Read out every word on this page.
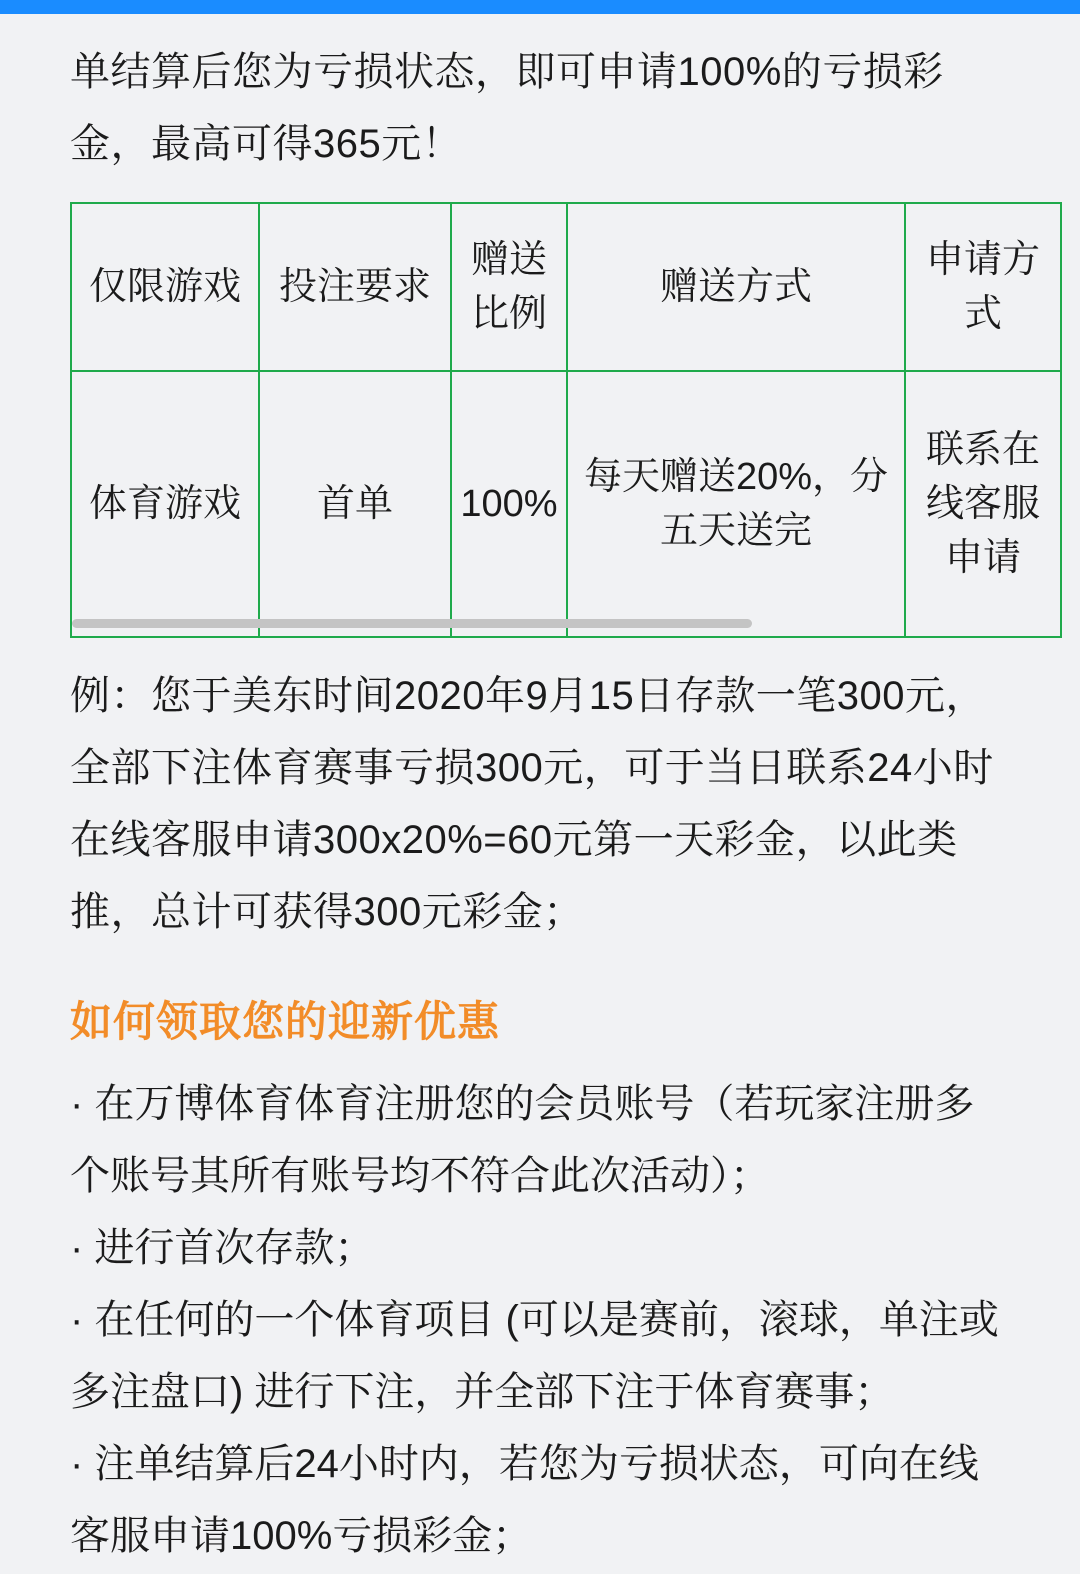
单结算后您为亏损状态，即可申请100%的亏损彩金，最高可得365元！

仅限游戏	投注要求	赠送比例	赠送方式	申请方式
体育游戏	首单	100%	每天赠送20%，分五天送完	联系在线客服申请

例：您于美东时间2020年9月15日存款一笔300元，全部下注体育赛事亏损300元，可于当日联系24小时在线客服申请300x20%=60元第一天彩金，以此类推，总计可获得300元彩金；

如何领取您的迎新优惠

· 在万博体育体育注册您的会员账号（若玩家注册多个账号其所有账号均不符合此次活动）；

· 进行首次存款；

· 在任何的一个体育项目 (可以是赛前，滚球，单注或多注盘口) 进行下注，并全部下注于体育赛事；

· 注单结算后24小时内，若您为亏损状态，可向在线客服申请100%亏损彩金；
